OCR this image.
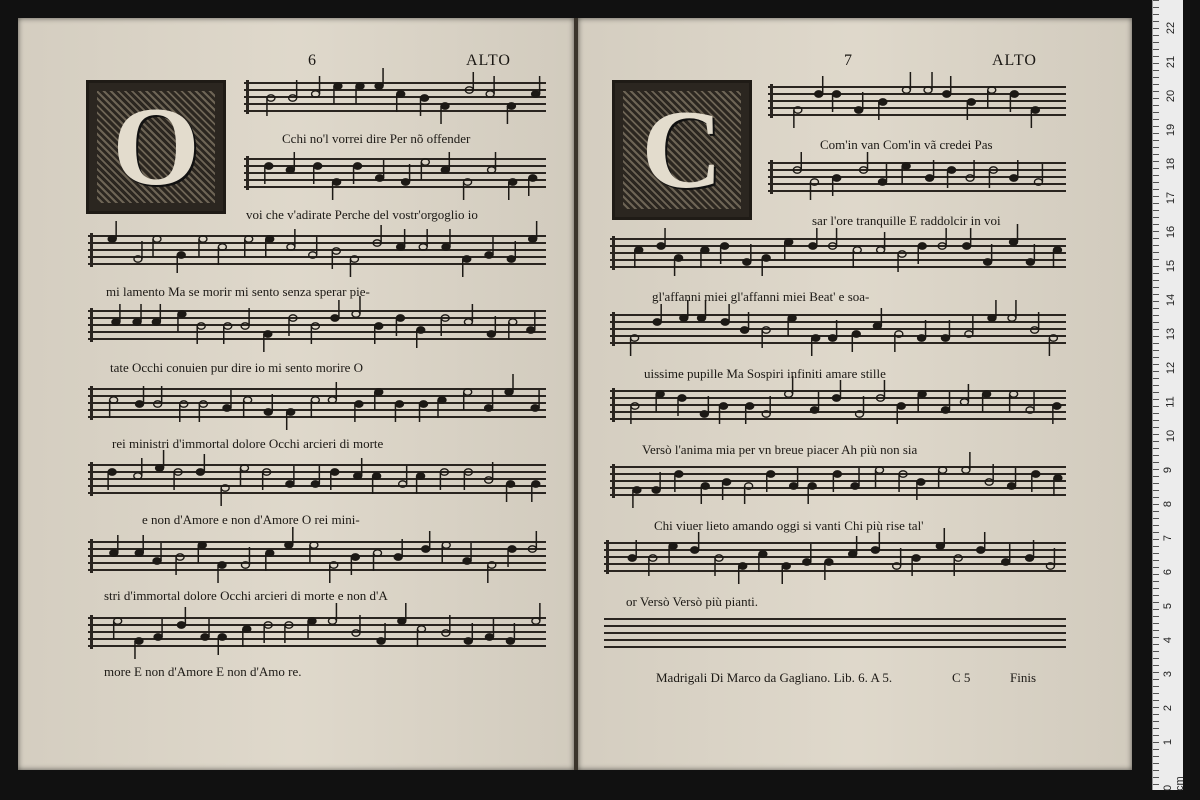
6	ALTO
O
7	ALTO
C
Cchi no'l vorrei dire Per nõ offender
voi che v'adirate Perche del vostr'orgoglio io
mi lamento Ma se morir mi sento senza sperar pie-
tate Occhi conuien pur dire io mi sento morire O
rei ministri d'immortal dolore Occhi arcieri di morte
e non d'Amore e non d'Amore O rei mini-
stri d'immortal dolore Occhi arcieri di morte e non d'A
more E non d'Amore E non d'Amo re.
Com'in van Com'in vã credei Pas
sar l'ore tranquille E raddolcir in voi
gl'affanni miei gl'affanni miei Beat' e soa-
uissime pupille Ma Sospiri infiniti amare stille
Versò l'anima mia per vn breue piacer Ah più non sia
Chi viuer lieto amando oggi si vanti Chi più rise tal'
or Versò Versò più pianti.
Madrigali Di Marco da Gagliano. Lib. 6. A 5.	C 5	Finis
22
21
20
19
18
17
16
15
14
13
12
11
10
9
8
7
6
5
4
3
2
1
0 cm
